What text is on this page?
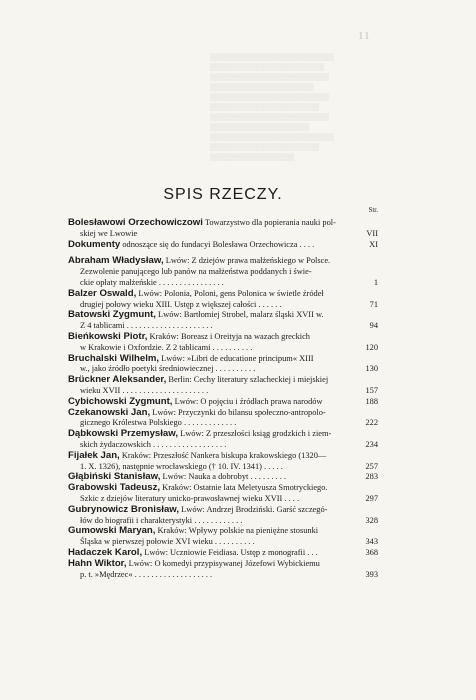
11
▒▒▒▒▒▒▒▒▒▒▒▒▒▒▒▒▒▒▒▒▒▒▒▒▒
▒▒▒▒▒▒▒▒▒▒▒▒▒▒▒▒▒▒▒▒▒▒▒
▒▒▒▒▒▒▒▒▒▒▒▒▒▒▒▒▒▒▒▒▒▒▒▒
▒▒▒▒▒▒▒▒▒▒▒▒▒▒▒▒▒▒▒▒▒
▒▒▒▒▒▒▒▒▒▒▒▒▒▒▒▒▒▒▒▒▒▒▒▒
▒▒▒▒▒▒▒▒▒▒▒▒▒▒▒▒▒▒▒▒▒▒
▒▒▒▒▒▒▒▒▒▒▒▒▒▒▒▒▒▒▒▒▒▒▒▒
▒▒▒▒▒▒▒▒▒▒▒▒▒▒▒▒▒▒▒▒
▒▒▒▒▒▒▒▒▒▒▒▒▒▒▒▒▒▒▒▒▒▒▒▒▒
▒▒▒▒▒▒▒▒▒▒▒▒▒▒▒▒▒▒▒▒▒▒
▒▒▒▒▒▒▒▒▒▒▒▒▒▒▒▒▒
SPIS RZECZY.
Str.
Bolesławowi Orzechowiczowi Towarzystwo dla popierania nauki pol-
skiej we Lwowie	VII
Dokumenty odnoszące się do fundacyi Bolesława Orzechowicza . . . .	XI
Abraham Władysław, Lwów: Z dziejów prawa małżeńskiego w Polsce.
Zezwolenie panującego lub panów na małżeństwa poddanych i świe-
ckie opłaty małżeńskie . . . . . . . . . . . . . . . .	1
Balzer Oswald, Lwów: Polonia, Poloni, gens Polonica w świetle źródeł
drugiej połowy wieku XIII. Ustęp z większej całości . . . . . .	71
Batowski Zygmunt, Lwów: Bartłomiej Strobel, malarz śląski XVII w.
Z 4 tablicami . . . . . . . . . . . . . . . . . . . . .	94
Bieńkowski Piotr, Kraków: Boreasz i Oreityja na wazach greckich
w Krakowie i Oxfordzie. Z 2 tablicami . . . . . . . . . .	120
Bruchalski Wilhelm, Lwów: »Libri de educatione principum« XIII
w., jako źródło poetyki średniowiecznej . . . . . . . . . .	130
Brückner Aleksander, Berlin: Cechy literatury szlacheckiej i miejskiej
wieku XVII . . . . . . . . . . . . . . . . . . . . .	157
Cybichowski Zygmunt, Lwów: O pojęciu i źródłach prawa narodów	188
Czekanowski Jan, Lwów: Przyczynki do bilansu społeczno-antropolo-
gicznego Królestwa Polskiego . . . . . . . . . . . . .	222
Dąbkowski Przemysław, Lwów: Z przeszłości ksiąg grodzkich i ziem-
skich żydaczowskich . . . . . . . . . . . . . . . . . .	234
Fijałek Jan, Kraków: Przeszłość Nankera biskupa krakowskiego (1320—
1. X. 1326), następnie wrocławskiego († 10. IV. 1341) . . . . .	257
Głąbiński Stanisław, Lwów: Nauka a dobrobyt . . . . . . . . .	283
Grabowski Tadeusz, Kraków: Ostatnie lata Meletyusza Smotryckiego.
Szkic z dziejów literatury unicko-prawosławnej wieku XVII . . . .	297
Gubrynowicz Bronisław, Lwów: Andrzej Brodziński. Garść szczegó-
łów do biografii i charakterystyki . . . . . . . . . . . .	328
Gumowski Maryan, Kraków: Wpływy polskie na pieniężne stosunki
Śląska w pierwszej połowie XVI wieku . . . . . . . . . .	343
Hadaczek Karol, Lwów: Uczniowie Feidiasa. Ustęp z monografii . . .	368
Hahn Wiktor, Lwów: O komedyi przypisywanej Józefowi Wybickiemu
p. t. »Mędrzec« . . . . . . . . . . . . . . . . . . .	393
